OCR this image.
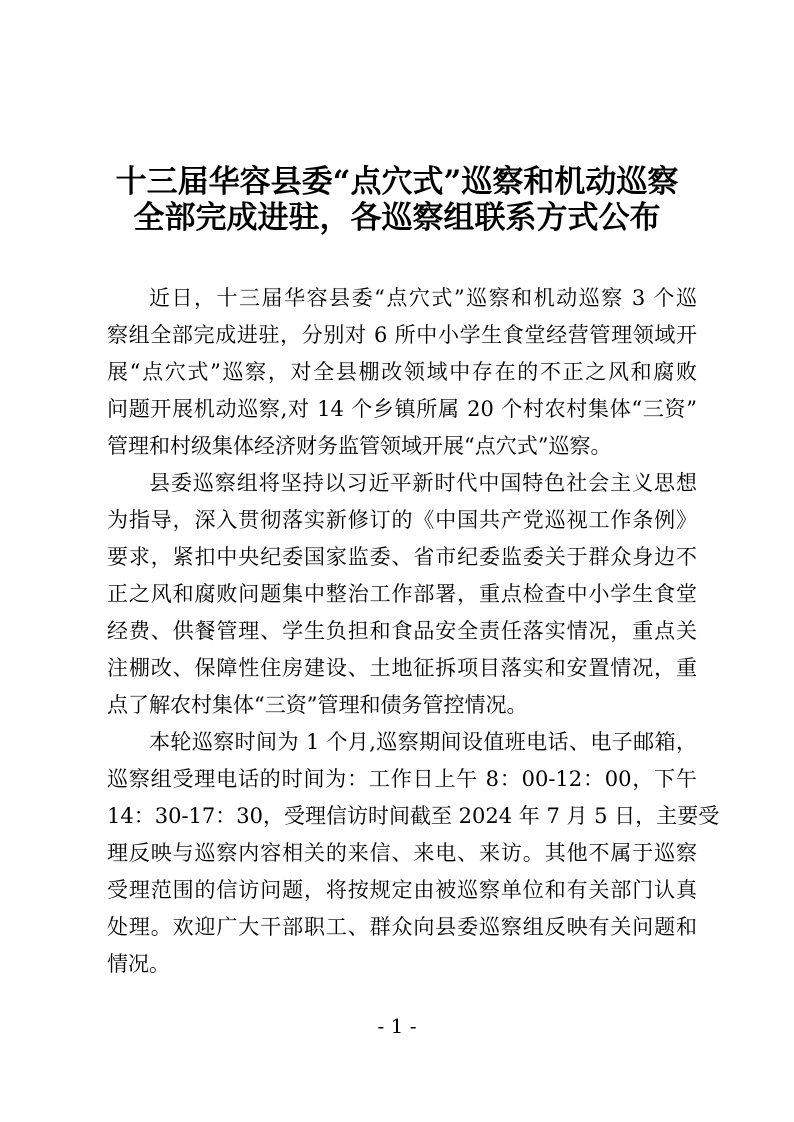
十三届华容县委“点穴式”巡察和机动巡察
全部完成进驻，各巡察组联系方式公布
近日，十三届华容县委“点穴式”巡察和机动巡察 3 个巡
察组全部完成进驻，分别对 6 所中小学生食堂经营管理领域开
展“点穴式”巡察，对全县棚改领域中存在的不正之风和腐败
问题开展机动巡察,对 14 个乡镇所属 20 个村农村集体“三资”
管理和村级集体经济财务监管领域开展“点穴式”巡察。
县委巡察组将坚持以习近平新时代中国特色社会主义思想
为指导，深入贯彻落实新修订的《中国共产党巡视工作条例》
要求，紧扣中央纪委国家监委、省市纪委监委关于群众身边不
正之风和腐败问题集中整治工作部署，重点检查中小学生食堂
经费、供餐管理、学生负担和食品安全责任落实情况，重点关
注棚改、保障性住房建设、土地征拆项目落实和安置情况，重
点了解农村集体“三资”管理和债务管控情况。
本轮巡察时间为 1 个月,巡察期间设值班电话、电子邮箱，
巡察组受理电话的时间为：工作日上午 8：00-12：00，下午
14：30-17：30，受理信访时间截至 2024 年 7 月 5 日，主要受
理反映与巡察内容相关的来信、来电、来访。其他不属于巡察
受理范围的信访问题，将按规定由被巡察单位和有关部门认真
处理。欢迎广大干部职工、群众向县委巡察组反映有关问题和
情况。
- 1 -
